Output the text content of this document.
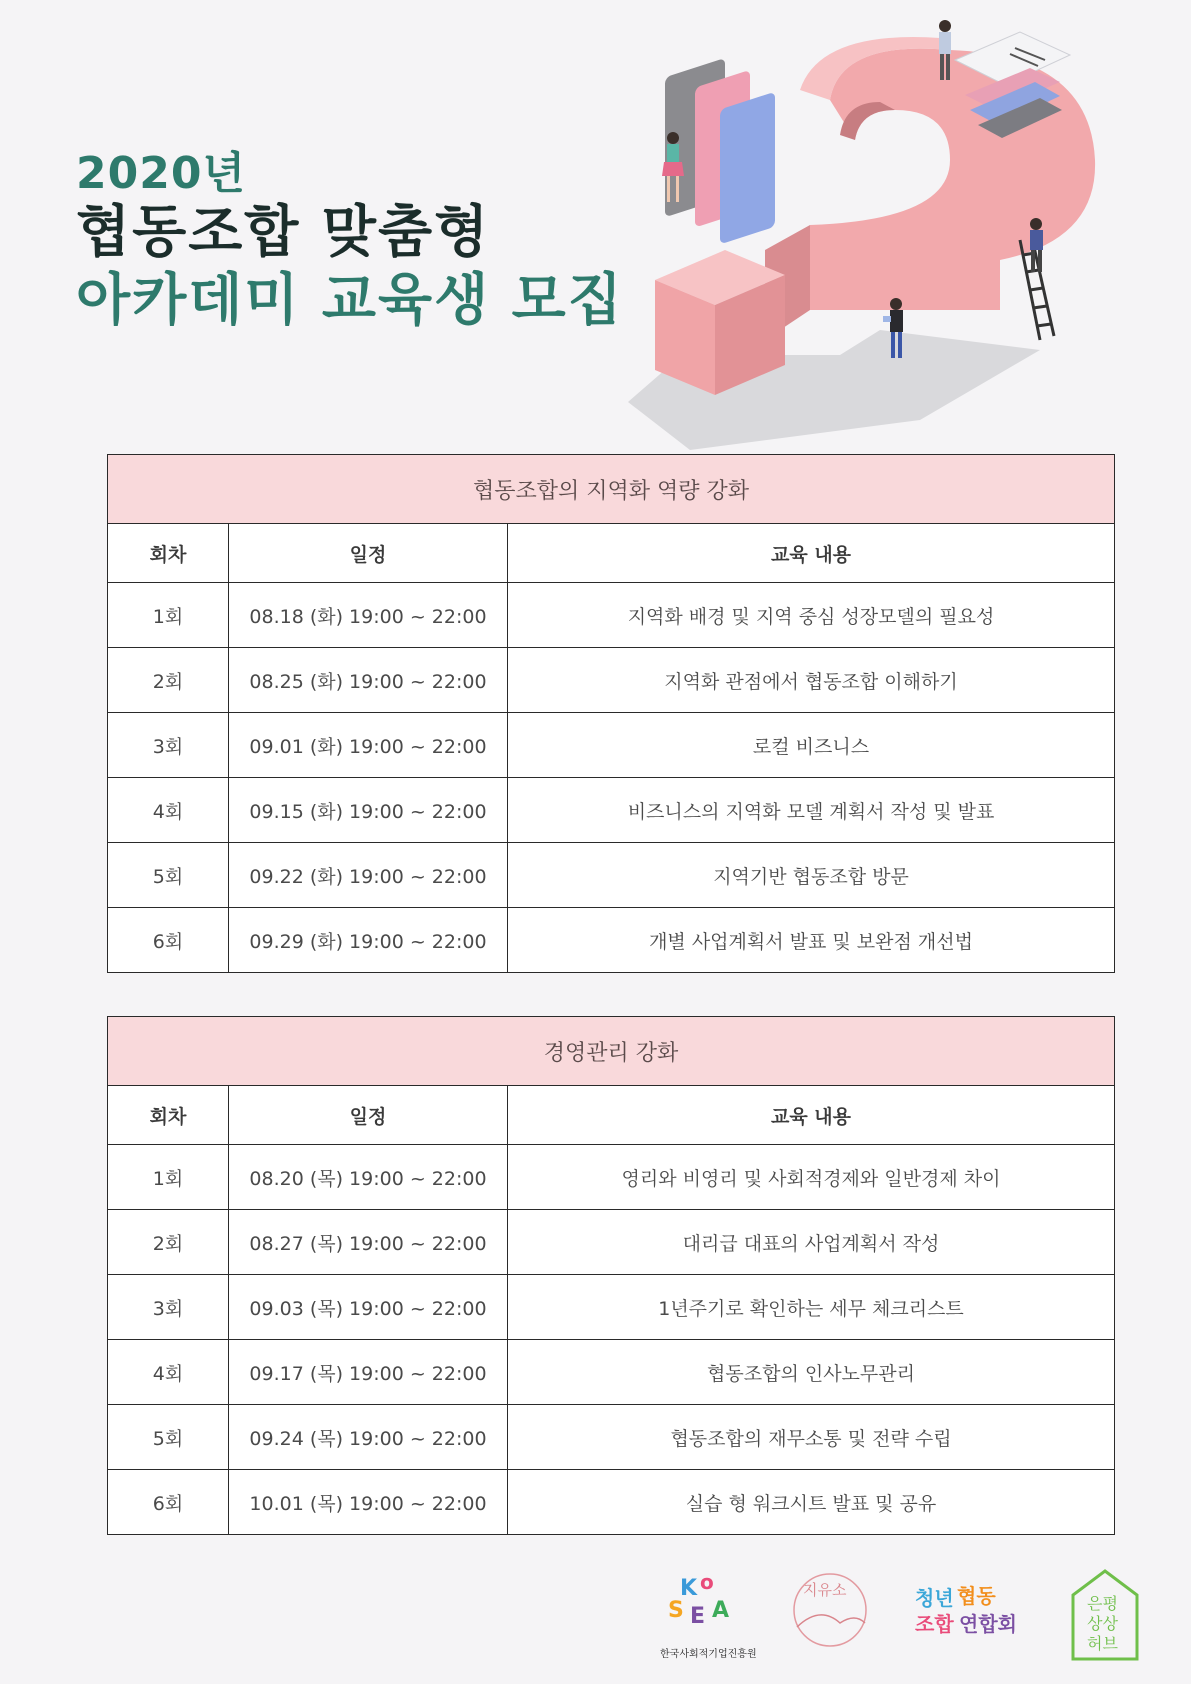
2020년
협동조합 맞춤형
아카데미 교육생 모집
협동조합의 지역화 역량 강화		
회차	일정	교육 내용
1회	08.18 (화) 19:00 ~ 22:00	지역화 배경 및 지역 중심 성장모델의 필요성
2회	08.25 (화) 19:00 ~ 22:00	지역화 관점에서 협동조합 이해하기
3회	09.01 (화) 19:00 ~ 22:00	로컬 비즈니스
4회	09.15 (화) 19:00 ~ 22:00	비즈니스의 지역화 모델 계획서 작성 및 발표
5회	09.22 (화) 19:00 ~ 22:00	지역기반 협동조합 방문
6회	09.29 (화) 19:00 ~ 22:00	개별 사업계획서 발표 및 보완점 개선법
경영관리 강화		
회차	일정	교육 내용
1회	08.20 (목) 19:00 ~ 22:00	영리와 비영리 및 사회적경제와 일반경제 차이
2회	08.27 (목) 19:00 ~ 22:00	대리급 대표의 사업계획서 작성
3회	09.03 (목) 19:00 ~ 22:00	1년주기로 확인하는 세무 체크리스트
4회	09.17 (목) 19:00 ~ 22:00	협동조합의 인사노무관리
5회	09.24 (목) 19:00 ~ 22:00	협동조합의 재무소통 및 전략 수립
6회	10.01 (목) 19:00 ~ 22:00	실습 형 워크시트 발표 및 공유
K o
S E A
한국사회적기업진흥원
지유소	청년 협동
조합 연합회
은평
상상
허브
